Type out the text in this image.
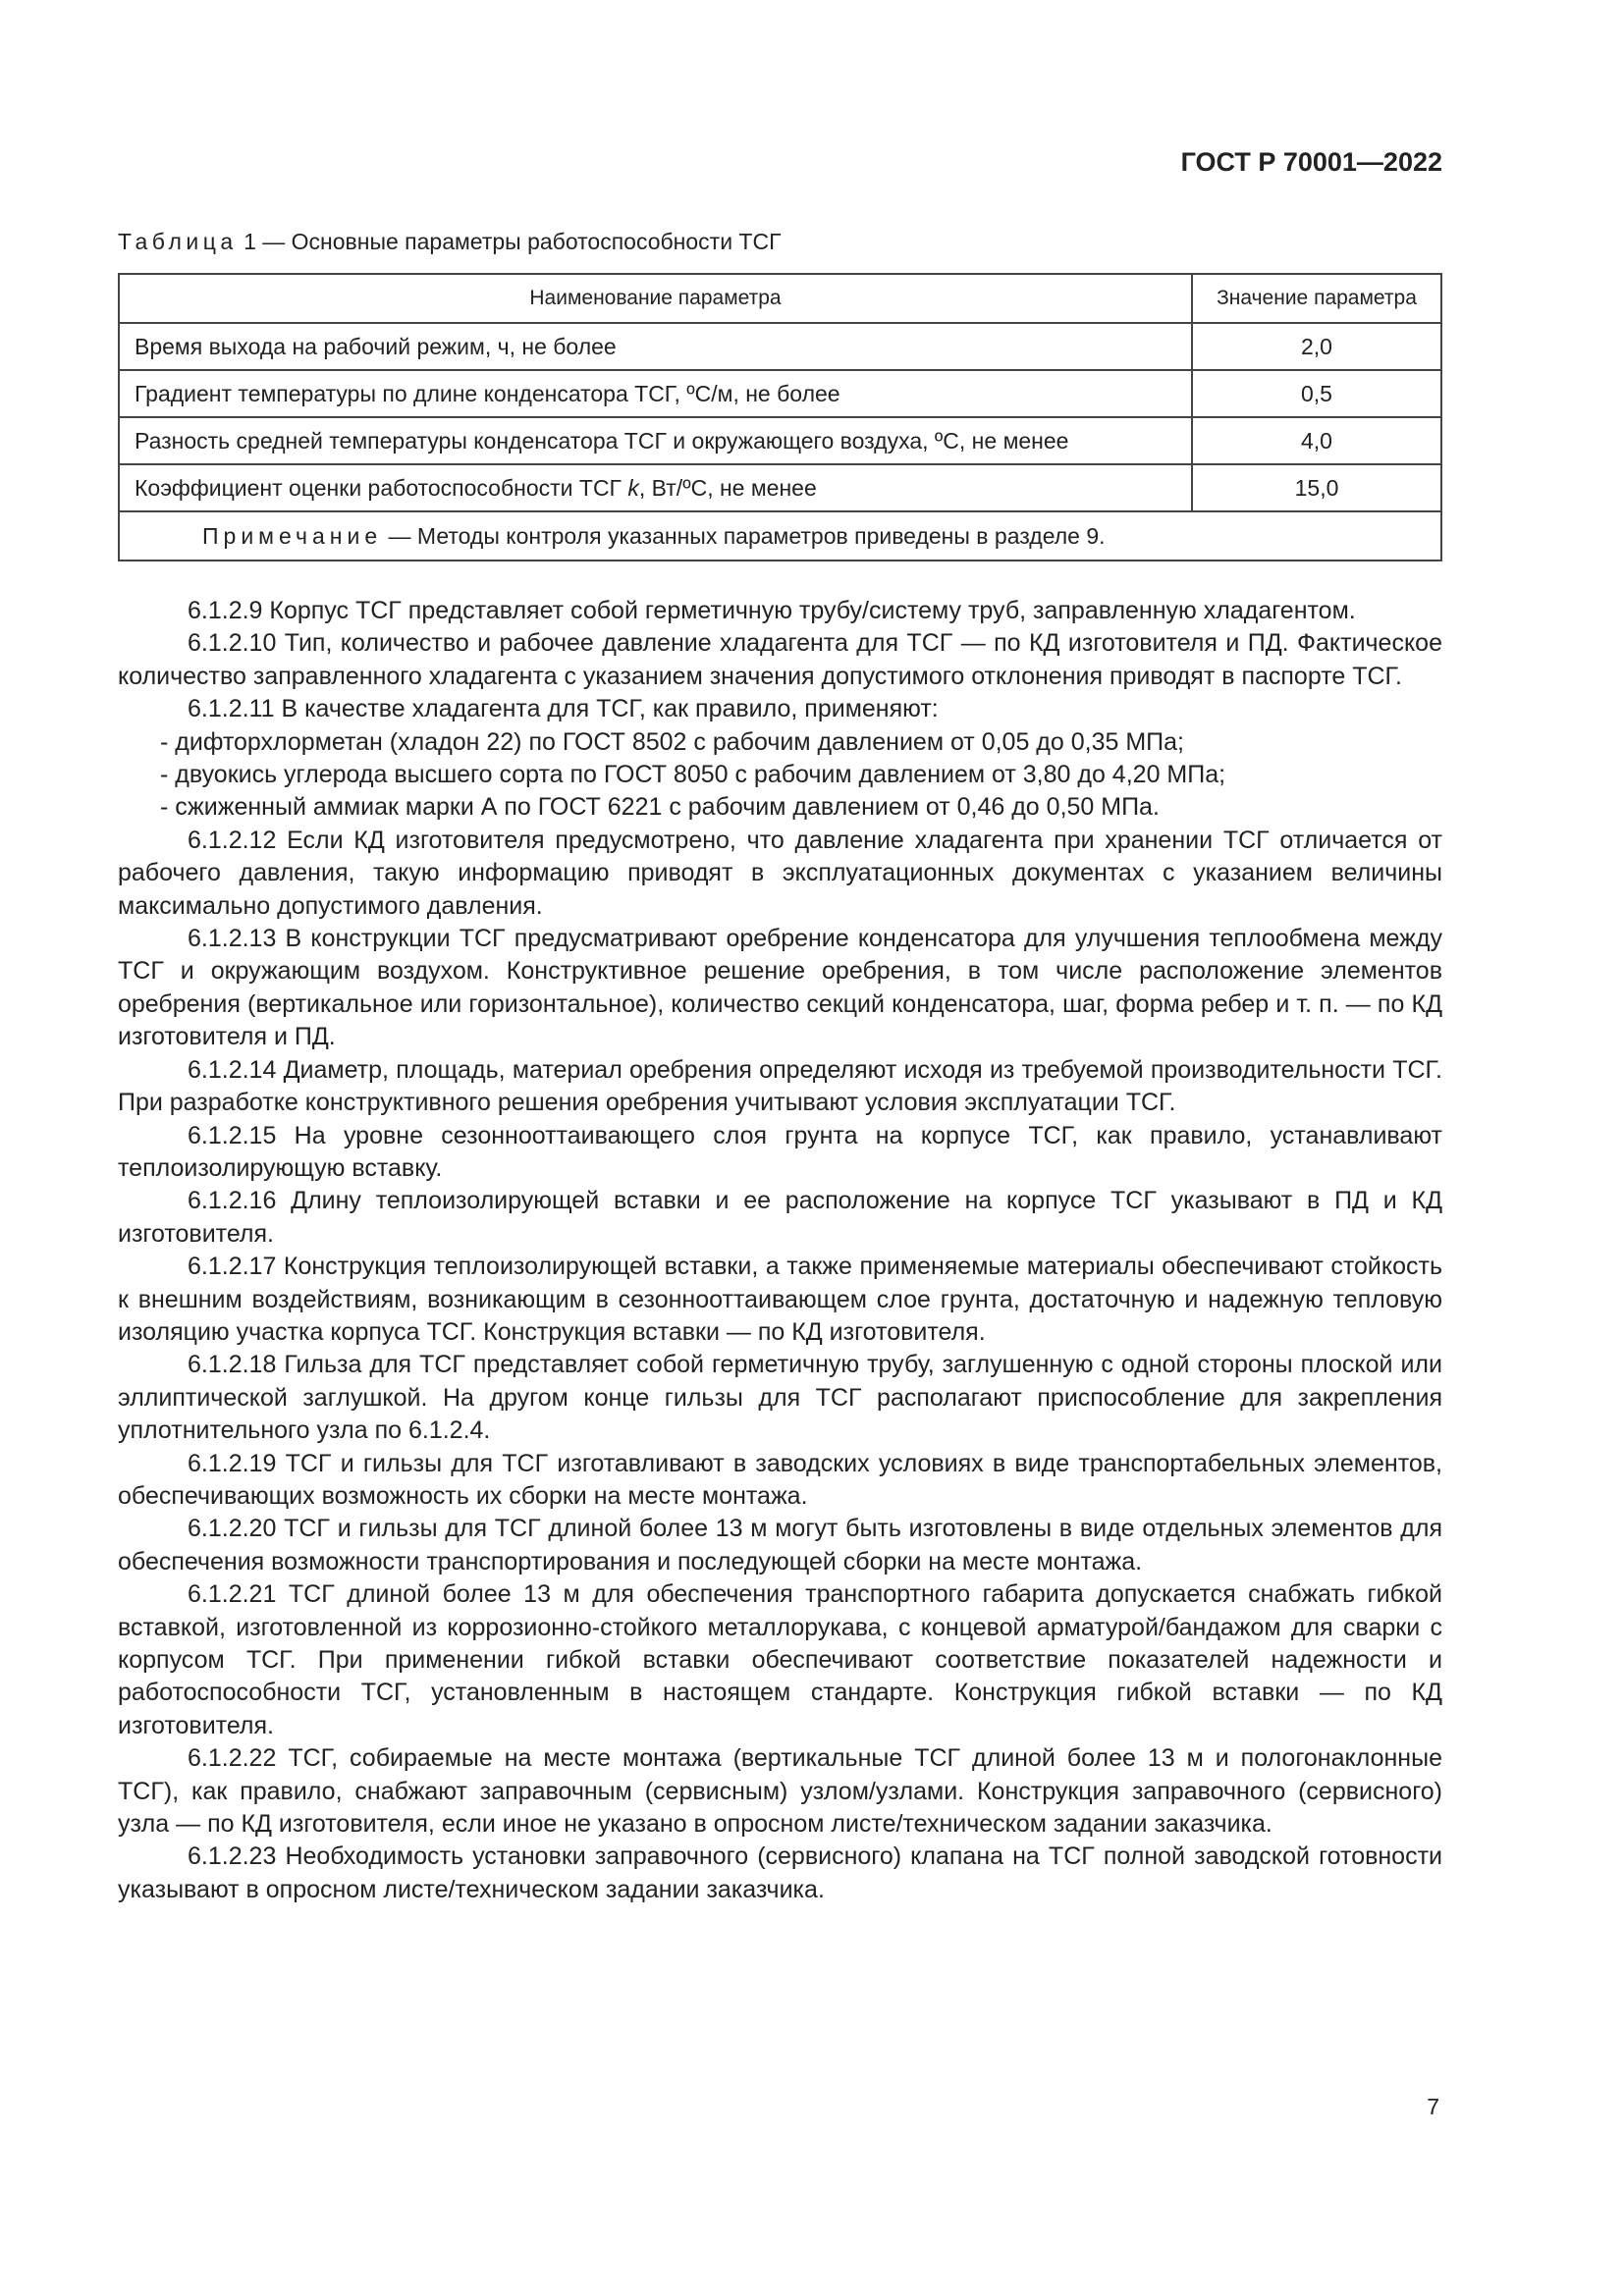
ГОСТ Р 70001—2022
Таблица 1 — Основные параметры работоспособности ТСГ
Наименование параметра	Значение параметра
Время выхода на рабочий режим, ч, не более	2,0
Градиент температуры по длине конденсатора ТСГ, ºС/м, не более	0,5
Разность средней температуры конденсатора ТСГ и окружающего воздуха, ºС, не менее	4,0
Коэффициент оценки работоспособности ТСГ k, Вт/ºС, не менее	15,0
Примечание — Методы контроля указанных параметров приведены в разделе 9.	

6.1.2.9 Корпус ТСГ представляет собой герметичную трубу/систему труб, заправленную хладагентом.

6.1.2.10 Тип, количество и рабочее давление хладагента для ТСГ — по КД изготовителя и ПД. Фактическое количество заправленного хладагента с указанием значения допустимого отклонения приводят в паспорте ТСГ.

6.1.2.11 В качестве хладагента для ТСГ, как правило, применяют:

- дифторхлорметан (хладон 22) по ГОСТ 8502 с рабочим давлением от 0,05 до 0,35 МПа;

- двуокись углерода высшего сорта по ГОСТ 8050 с рабочим давлением от 3,80 до 4,20 МПа;

- сжиженный аммиак марки А по ГОСТ 6221 с рабочим давлением от 0,46 до 0,50 МПа.

6.1.2.12 Если КД изготовителя предусмотрено, что давление хладагента при хранении ТСГ отличается от рабочего давления, такую информацию приводят в эксплуатационных документах с указанием величины максимально допустимого давления.

6.1.2.13 В конструкции ТСГ предусматривают оребрение конденсатора для улучшения теплообмена между ТСГ и окружающим воздухом. Конструктивное решение оребрения, в том числе расположение элементов оребрения (вертикальное или горизонтальное), количество секций конденсатора, шаг, форма ребер и т. п. — по КД изготовителя и ПД.

6.1.2.14 Диаметр, площадь, материал оребрения определяют исходя из требуемой производительности ТСГ. При разработке конструктивного решения оребрения учитывают условия эксплуатации ТСГ.

6.1.2.15 На уровне сезоннооттаивающего слоя грунта на корпусе ТСГ, как правило, устанавливают теплоизолирующую вставку.

6.1.2.16 Длину теплоизолирующей вставки и ее расположение на корпусе ТСГ указывают в ПД и КД изготовителя.

6.1.2.17 Конструкция теплоизолирующей вставки, а также применяемые материалы обеспечивают стойкость к внешним воздействиям, возникающим в сезоннооттаивающем слое грунта, достаточную и надежную тепловую изоляцию участка корпуса ТСГ. Конструкция вставки — по КД изготовителя.

6.1.2.18 Гильза для ТСГ представляет собой герметичную трубу, заглушенную с одной стороны плоской или эллиптической заглушкой. На другом конце гильзы для ТСГ располагают приспособление для закрепления уплотнительного узла по 6.1.2.4.

6.1.2.19 ТСГ и гильзы для ТСГ изготавливают в заводских условиях в виде транспортабельных элементов, обеспечивающих возможность их сборки на месте монтажа.

6.1.2.20 ТСГ и гильзы для ТСГ длиной более 13 м могут быть изготовлены в виде отдельных элементов для обеспечения возможности транспортирования и последующей сборки на месте монтажа.

6.1.2.21 ТСГ длиной более 13 м для обеспечения транспортного габарита допускается снабжать гибкой вставкой, изготовленной из коррозионно-стойкого металлорукава, с концевой арматурой/бандажом для сварки с корпусом ТСГ. При применении гибкой вставки обеспечивают соответствие показателей надежности и работоспособности ТСГ, установленным в настоящем стандарте. Конструкция гибкой вставки — по КД изготовителя.

6.1.2.22 ТСГ, собираемые на месте монтажа (вертикальные ТСГ длиной более 13 м и пологонаклонные ТСГ), как правило, снабжают заправочным (сервисным) узлом/узлами. Конструкция заправочного (сервисного) узла — по КД изготовителя, если иное не указано в опросном листе/техническом задании заказчика.

6.1.2.23 Необходимость установки заправочного (сервисного) клапана на ТСГ полной заводской готовности указывают в опросном листе/техническом задании заказчика.

7
